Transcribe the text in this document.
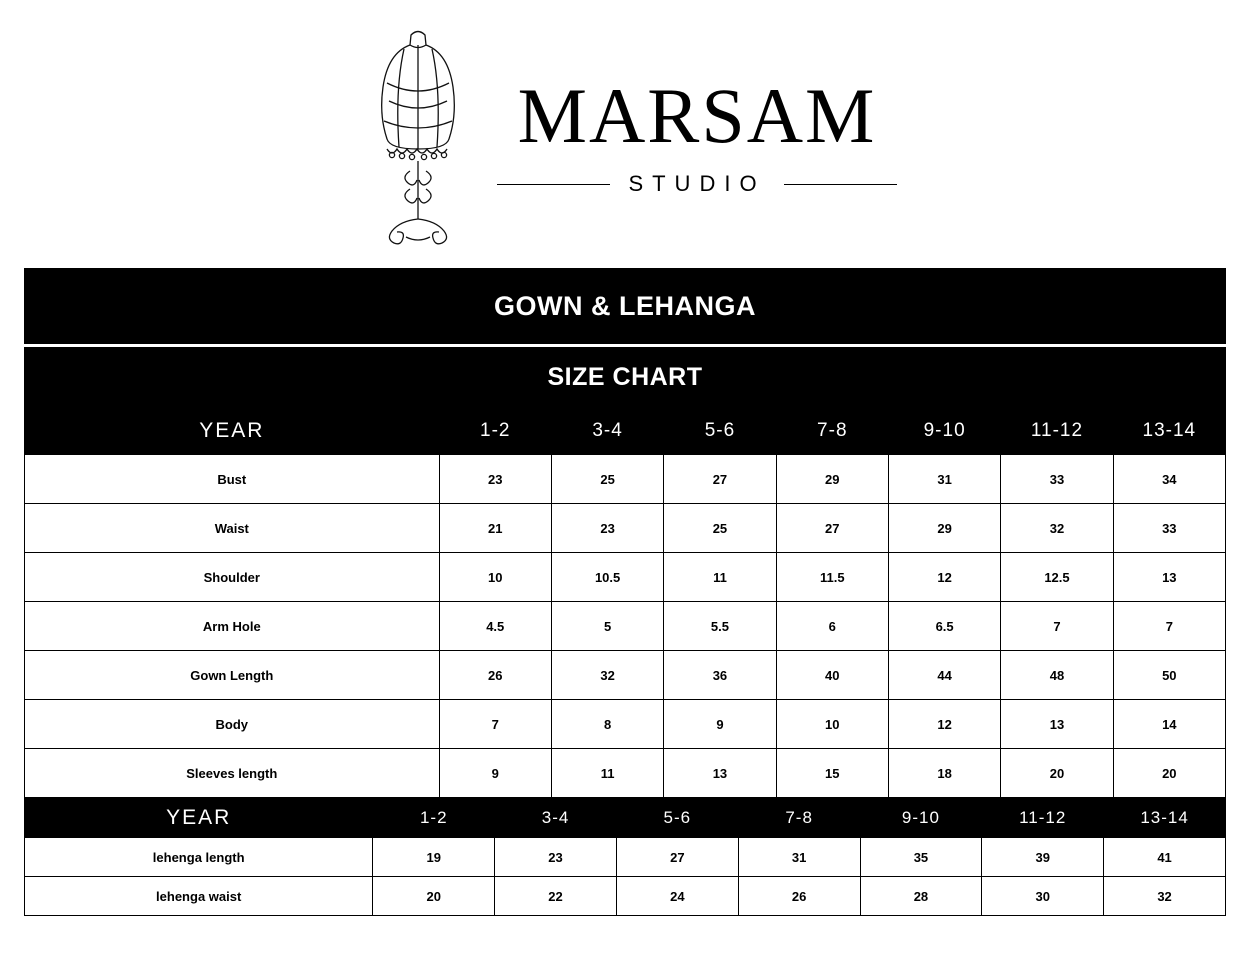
MARSAM
STUDIO
GOWN & LEHANGA
SIZE CHART
YEAR	1-2	3-4	5-6	7-8	9-10	11-12	13-14
Bust	23	25	27	29	31	33	34
Waist	21	23	25	27	29	32	33
Shoulder	10	10.5	11	11.5	12	12.5	13
Arm Hole	4.5	5	5.5	6	6.5	7	7
Gown Length	26	32	36	40	44	48	50
Body	7	8	9	10	12	13	14
Sleeves length	9	11	13	15	18	20	20
YEAR	1-2	3-4	5-6	7-8	9-10	11-12	13-14
lehenga length	19	23	27	31	35	39	41
lehenga waist	20	22	24	26	28	30	32
